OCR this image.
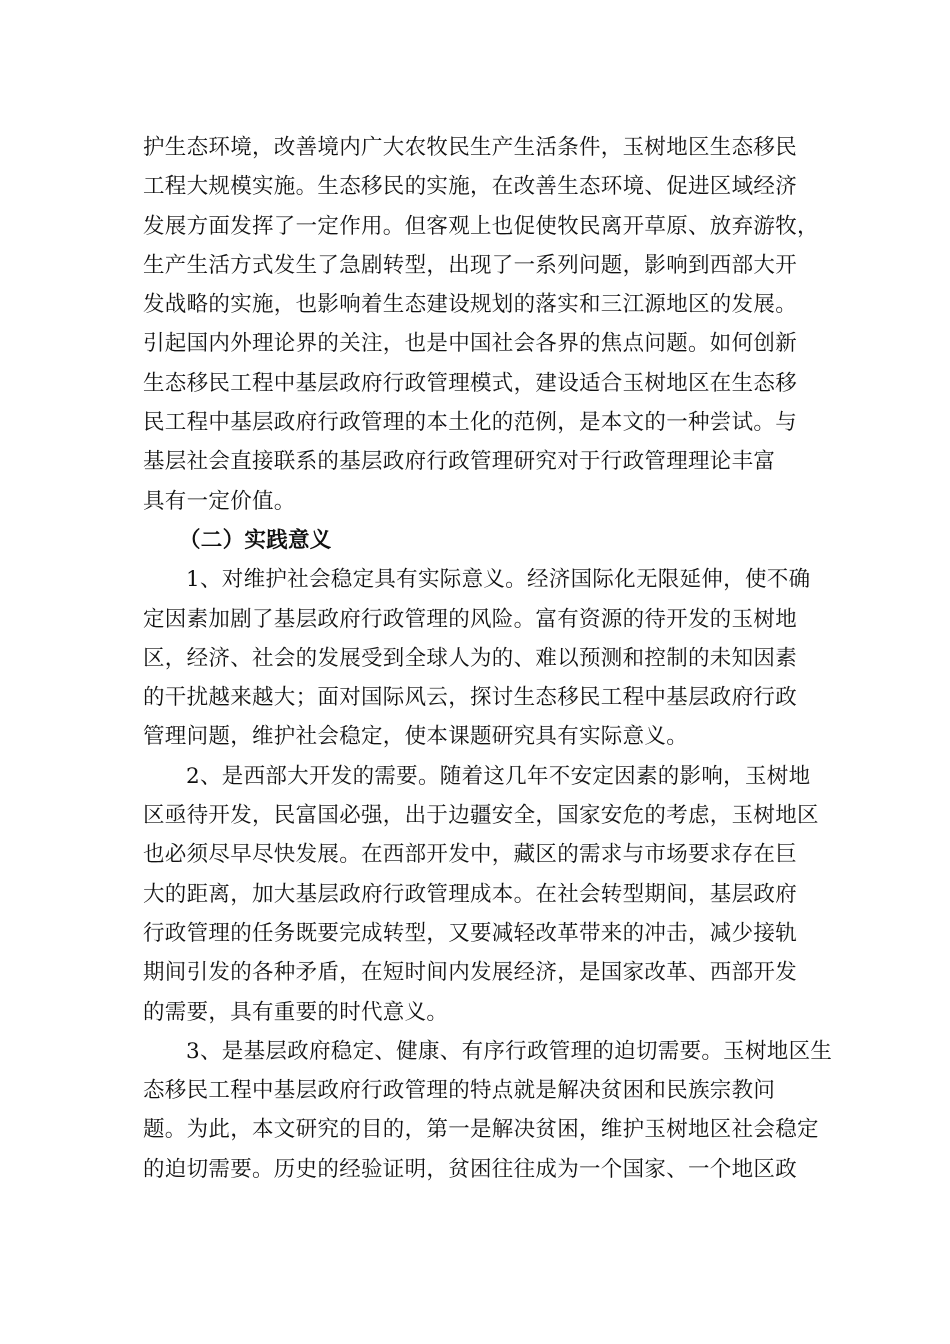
护生态环境，改善境内广大农牧民生产生活条件，玉树地区生态移民
工程大规模实施。生态移民的实施，在改善生态环境、促进区域经济
发展方面发挥了一定作用。但客观上也促使牧民离开草原、放弃游牧，
生产生活方式发生了急剧转型，出现了一系列问题，影响到西部大开
发战略的实施，也影响着生态建设规划的落实和三江源地区的发展。
引起国内外理论界的关注，也是中国社会各界的焦点问题。如何创新
生态移民工程中基层政府行政管理模式，建设适合玉树地区在生态移
民工程中基层政府行政管理的本土化的范例，是本文的一种尝试。与
基层社会直接联系的基层政府行政管理研究对于行政管理理论丰富
具有一定价值。
（二）实践意义
1、对维护社会稳定具有实际意义。经济国际化无限延伸，使不确
定因素加剧了基层政府行政管理的风险。富有资源的待开发的玉树地
区，经济、社会的发展受到全球人为的、难以预测和控制的未知因素
的干扰越来越大；面对国际风云，探讨生态移民工程中基层政府行政
管理问题，维护社会稳定，使本课题研究具有实际意义。
2、是西部大开发的需要。随着这几年不安定因素的影响，玉树地
区亟待开发，民富国必强，出于边疆安全，国家安危的考虑，玉树地区
也必须尽早尽快发展。在西部开发中，藏区的需求与市场要求存在巨
大的距离，加大基层政府行政管理成本。在社会转型期间，基层政府
行政管理的任务既要完成转型，又要减轻改革带来的冲击，减少接轨
期间引发的各种矛盾，在短时间内发展经济，是国家改革、西部开发
的需要，具有重要的时代意义。
3、是基层政府稳定、健康、有序行政管理的迫切需要。玉树地区生
态移民工程中基层政府行政管理的特点就是解决贫困和民族宗教问
题。为此，本文研究的目的，第一是解决贫困，维护玉树地区社会稳定
的迫切需要。历史的经验证明，贫困往往成为一个国家、一个地区政
